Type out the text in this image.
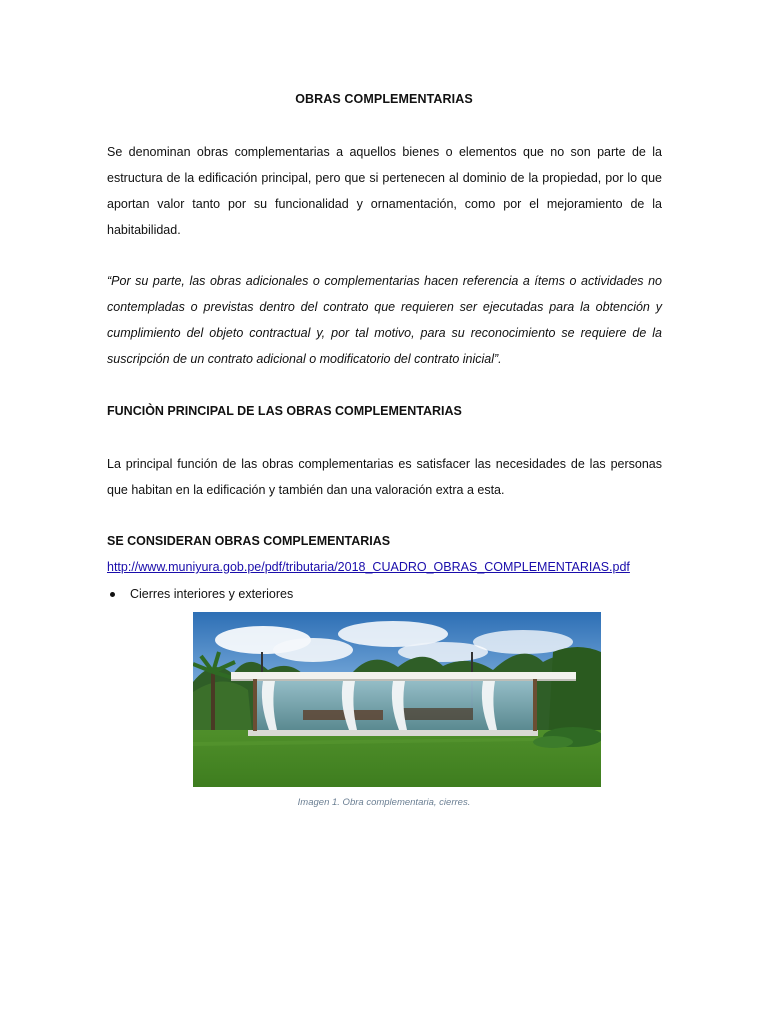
OBRAS COMPLEMENTARIAS
Se denominan obras complementarias a aquellos bienes o elementos que no son parte de la estructura de la edificación principal, pero que si pertenecen al dominio de la propiedad, por lo que aportan valor tanto por su funcionalidad y ornamentación, como por el mejoramiento de la habitabilidad.
“Por su parte, las obras adicionales o complementarias hacen referencia a ítems o actividades no contempladas o previstas dentro del contrato que requieren ser ejecutadas para la obtención y cumplimiento del objeto contractual y, por tal motivo, para su reconocimiento se requiere de la suscripción de un contrato adicional o modificatorio del contrato inicial”.
FUNCIÒN PRINCIPAL DE LAS OBRAS COMPLEMENTARIAS
La principal función de las obras complementarias es satisfacer las necesidades de las personas que habitan en la edificación y también dan una valoración extra a esta.
SE CONSIDERAN OBRAS COMPLEMENTARIAS
http://www.muniyura.gob.pe/pdf/tributaria/2018_CUADRO_OBRAS_COMPLEMENTARIAS.pdf
Cierres interiores y exteriores
Imagen 1. Obra complementaria, cierres.
